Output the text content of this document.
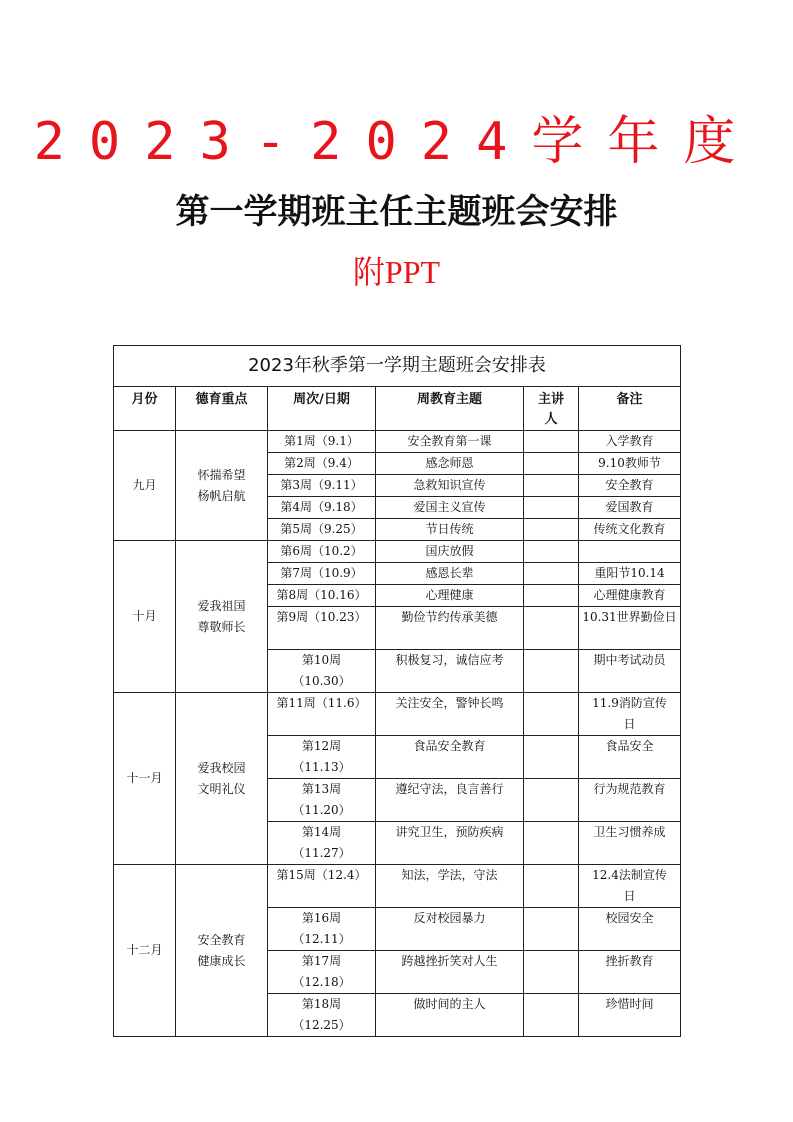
2023-2024学年度
第一学期班主任主题班会安排
附PPT
2023年秋季第一学期主题班会安排表					
月份	德育重点	周次/日期	周教育主题	主讲人	备注
九月	怀揣希望杨帆启航	第1周（9.1）	安全教育第一课		入学教育
		第2周（9.4）	感念师恩		9.10教师节
		第3周（9.11）	急救知识宣传		安全教育
		第4周（9.18）	爱国主义宣传		爱国教育
		第5周（9.25）	节日传统		传统文化教育
十月	爱我祖国尊敬师长	第6周（10.2）	国庆放假		
		第7周（10.9）	感恩长辈		重阳节10.14
		第8周（10.16）	心理健康		心理健康教育
		第9周（10.23）	勤俭节约传承美德		10.31世界勤俭日

		第10周（10.30）	积极复习，诚信应考		期中考试动员
十一月	爱我校园文明礼仪	第11周（11.6）	关注安全，警钟长鸣		11.9消防宣传日

		第12周（11.13）	食品安全教育		食品安全

		第13周（11.20）	遵纪守法，良言善行		行为规范教育

		第14周（11.27）	讲究卫生，预防疾病		卫生习惯养成
十二月	安全教育健康成长	第15周（12.4）	知法，学法，守法		12.4法制宣传日

		第16周（12.11）	反对校园暴力		校园安全

		第17周（12.18）	跨越挫折笑对人生		挫折教育

		第18周（12.25）	做时间的主人		珍惜时间
